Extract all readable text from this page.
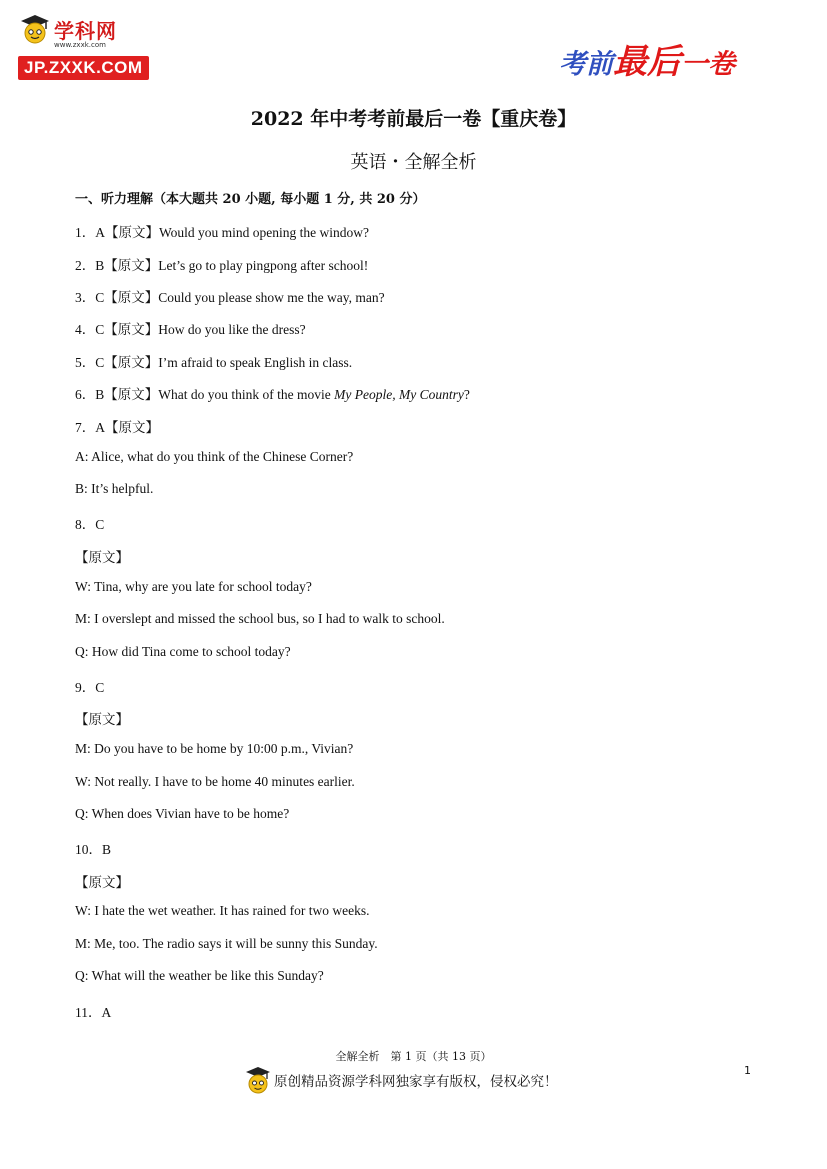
学科网
www.zxxk.com
JP.ZXXK.COM	考前最后一卷
2022 年中考考前最后一卷【重庆卷】
英语・全解全析
一、听力理解（本大题共 20 小题, 每小题 1 分, 共 20 分）
1．A【原文】Would you mind opening the window?
2．B【原文】Let’s go to play pingpong after school!
3．C【原文】Could you please show me the way, man?
4．C【原文】How do you like the dress?
5．C【原文】I’m afraid to speak English in class.
6．B【原文】What do you think of the movie My People, My Country?
7．A【原文】
A: Alice, what do you think of the Chinese Corner?
B: It’s helpful.
8．C
【原文】
W: Tina, why are you late for school today?
M: I overslept and missed the school bus, so I had to walk to school.
Q: How did Tina come to school today?
9．C
【原文】
M: Do you have to be home by 10:00 p.m., Vivian?
W: Not really. I have to be home 40 minutes earlier.
Q: When does Vivian have to be home?
10．B
【原文】
W: I hate the wet weather. It has rained for two weeks.
M: Me, too. The radio says it will be sunny this Sunday.
Q: What will the weather be like this Sunday?
11．A
全解全析　第 1 页（共 13 页）
原创精品资源学科网独家享有版权，侵权必究！
1
